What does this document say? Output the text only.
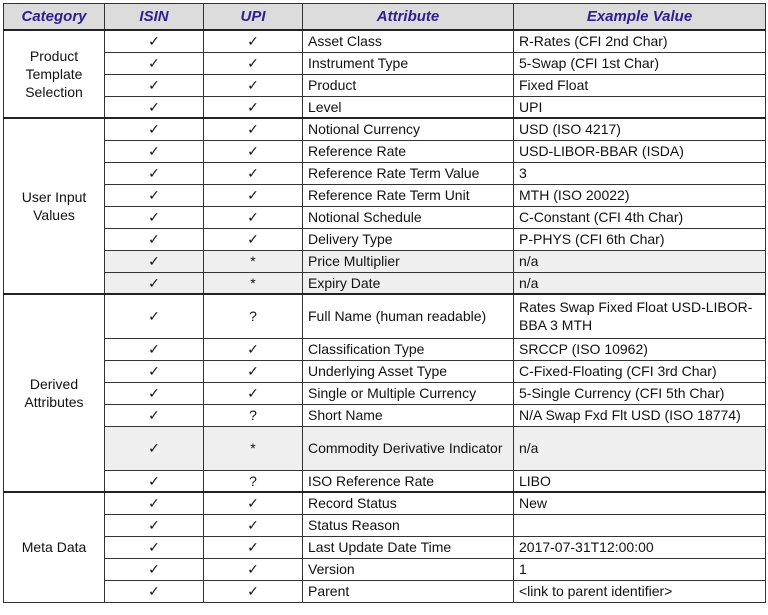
Category	ISIN	UPI	Attribute	Example Value
Product Template Selection	✓	✓	Asset Class	R-Rates (CFI 2nd Char)
	✓	✓	Instrument Type	5-Swap (CFI 1st Char)
	✓	✓	Product	Fixed Float
	✓	✓	Level	UPI
User Input Values	✓	✓	Notional Currency	USD (ISO 4217)
	✓	✓	Reference Rate	USD-LIBOR-BBAR (ISDA)
	✓	✓	Reference Rate Term Value	3
	✓	✓	Reference Rate Term Unit	MTH (ISO 20022)
	✓	✓	Notional Schedule	C-Constant (CFI 4th Char)
	✓	✓	Delivery Type	P-PHYS (CFI 6th Char)
	✓	*	Price Multiplier	n/a
	✓	*	Expiry Date	n/a
Derived Attributes	✓	?	Full Name (human readable)	Rates Swap Fixed Float USD-LIBOR-BBA 3 MTH
	✓	✓	Classification Type	SRCCP (ISO 10962)
	✓	✓	Underlying Asset Type	C-Fixed-Floating (CFI 3rd Char)
	✓	✓	Single or Multiple Currency	5-Single Currency (CFI 5th Char)
	✓	?	Short Name	N/A Swap Fxd Flt USD (ISO 18774)
	✓	*	Commodity Derivative Indicator	n/a
	✓	?	ISO Reference Rate	LIBO
Meta Data	✓	✓	Record Status	New
	✓	✓	Status Reason	
	✓	✓	Last Update Date Time	2017-07-31T12:00:00
	✓	✓	Version	1
	✓	✓	Parent	<link to parent identifier>
